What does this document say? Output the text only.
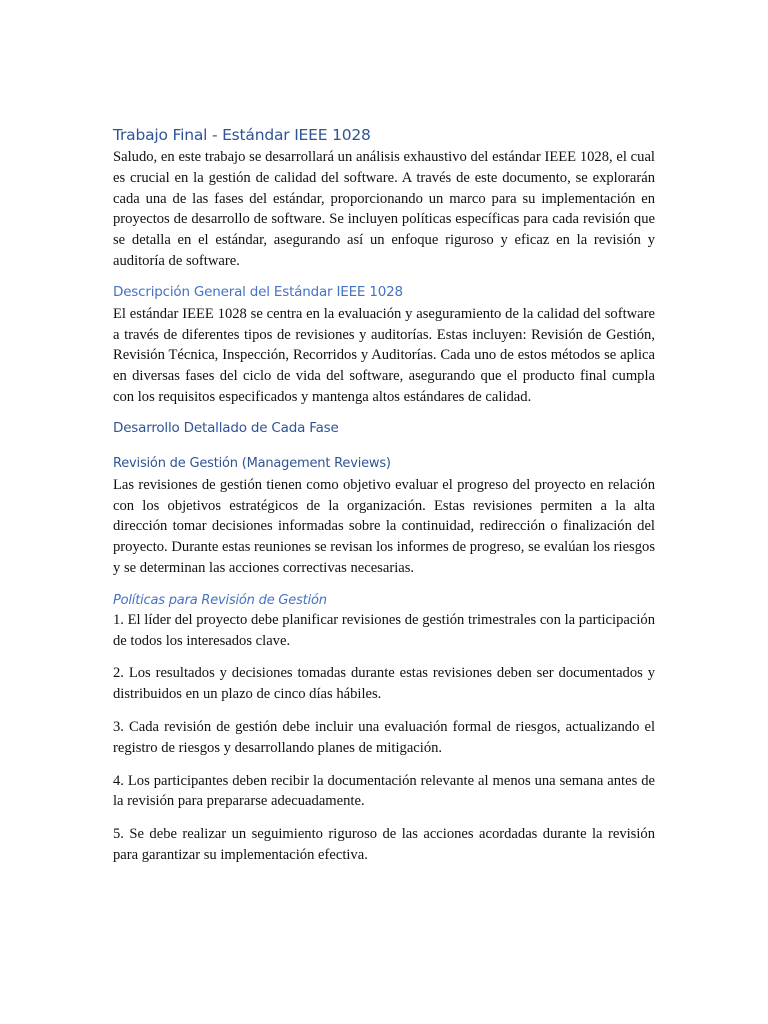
Trabajo Final - Estándar IEEE 1028

Saludo, en este trabajo se desarrollará un análisis exhaustivo del estándar IEEE 1028, el cual es crucial en la gestión de calidad del software. A través de este documento, se explorarán cada una de las fases del estándar, proporcionando un marco para su implementación en proyectos de desarrollo de software. Se incluyen políticas específicas para cada revisión que se detalla en el estándar, asegurando así un enfoque riguroso y eficaz en la revisión y auditoría de software.

Descripción General del Estándar IEEE 1028

El estándar IEEE 1028 se centra en la evaluación y aseguramiento de la calidad del software a través de diferentes tipos de revisiones y auditorías. Estas incluyen: Revisión de Gestión, Revisión Técnica, Inspección, Recorridos y Auditorías. Cada uno de estos métodos se aplica en diversas fases del ciclo de vida del software, asegurando que el producto final cumpla con los requisitos especificados y mantenga altos estándares de calidad.

Desarrollo Detallado de Cada Fase
Revisión de Gestión (Management Reviews)

Las revisiones de gestión tienen como objetivo evaluar el progreso del proyecto en relación con los objetivos estratégicos de la organización. Estas revisiones permiten a la alta dirección tomar decisiones informadas sobre la continuidad, redirección o finalización del proyecto. Durante estas reuniones se revisan los informes de progreso, se evalúan los riesgos y se determinan las acciones correctivas necesarias.

Políticas para Revisión de Gestión

1. El líder del proyecto debe planificar revisiones de gestión trimestrales con la participación de todos los interesados clave.

2. Los resultados y decisiones tomadas durante estas revisiones deben ser documentados y distribuidos en un plazo de cinco días hábiles.

3. Cada revisión de gestión debe incluir una evaluación formal de riesgos, actualizando el registro de riesgos y desarrollando planes de mitigación.

4. Los participantes deben recibir la documentación relevante al menos una semana antes de la revisión para prepararse adecuadamente.

5. Se debe realizar un seguimiento riguroso de las acciones acordadas durante la revisión para garantizar su implementación efectiva.
